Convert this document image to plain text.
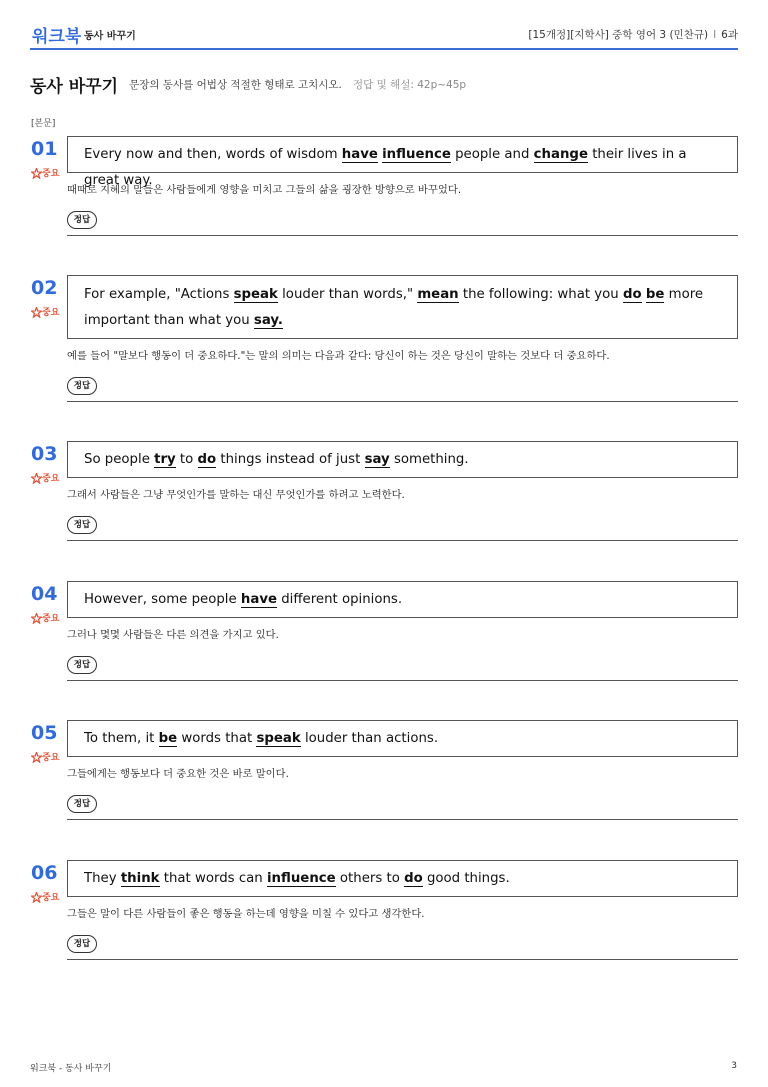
워크북 동사 바꾸기	[15개정][지학사] 중학 영어 3 (민찬규) I 6과
동사 바꾸기 문장의 동사를 어법상 적절한 형태로 고치시오. 정답 및 해설: 42p~45p
[본문]
01
중요
Every now and then, words of wisdom have influence people and change their lives in a great way.
때때로 지혜의 말들은 사람들에게 영향을 미치고 그들의 삶을 굉장한 방향으로 바꾸었다.
정답
02
중요
For example, "Actions speak louder than words," mean the following: what you do be more important than what you say.
예를 들어 "말보다 행동이 더 중요하다."는 말의 의미는 다음과 같다: 당신이 하는 것은 당신이 말하는 것보다 더 중요하다.
정답
03
중요
So people try to do things instead of just say something.
그래서 사람들은 그냥 무엇인가를 말하는 대신 무엇인가를 하려고 노력한다.
정답
04
중요
However, some people have different opinions.
그러나 몇몇 사람들은 다른 의견을 가지고 있다.
정답
05
중요
To them, it be words that speak louder than actions.
그들에게는 행동보다 더 중요한 것은 바로 말이다.
정답
06
중요
They think that words can influence others to do good things.
그들은 말이 다른 사람들이 좋은 행동을 하는데 영향을 미칠 수 있다고 생각한다.
정답
워크북 - 동사 바꾸기	3
